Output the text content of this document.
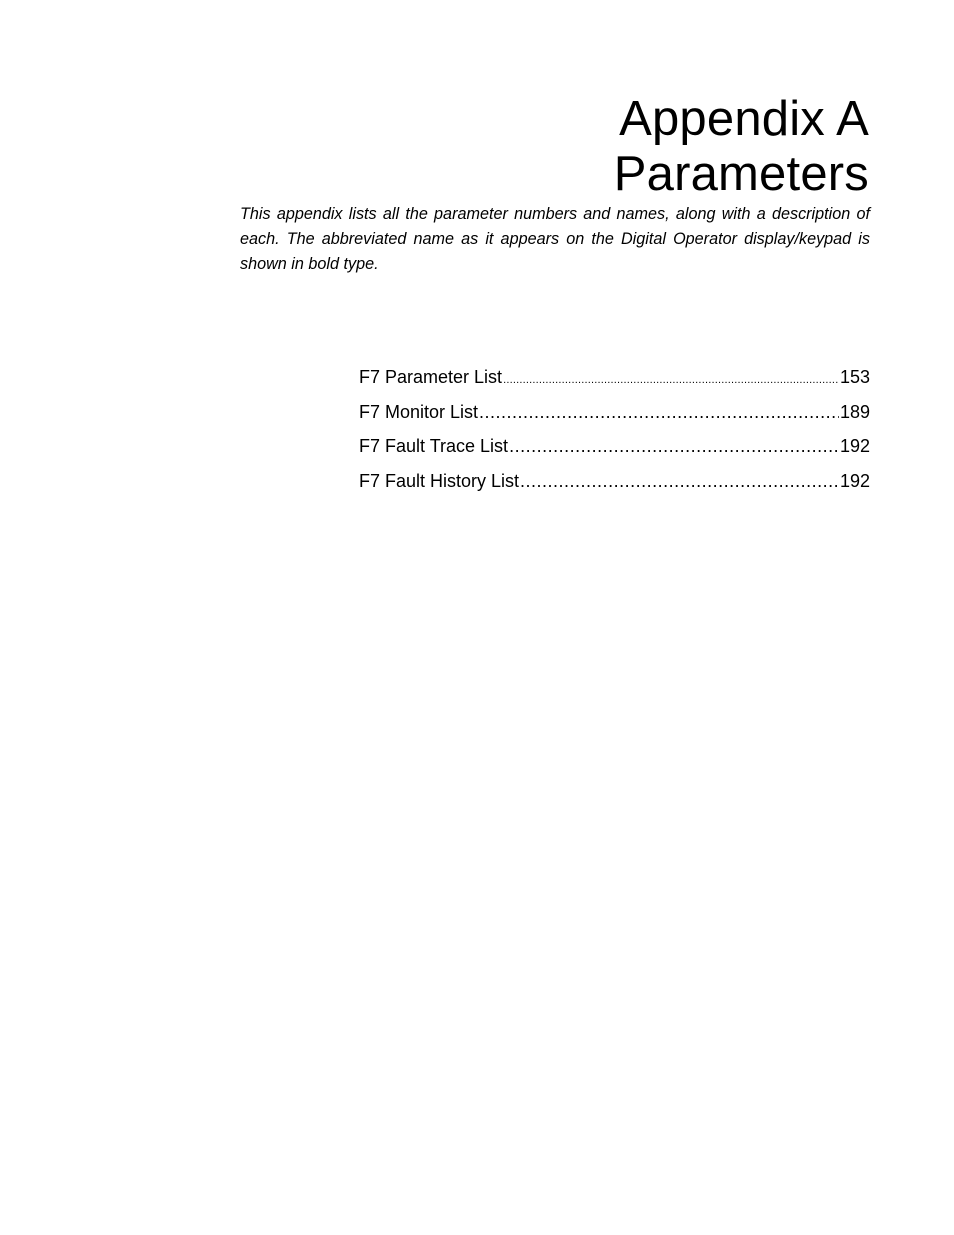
Appendix A
Parameters

This appendix lists all the parameter numbers and names, along with a description of each. The abbreviated name as it appears on the Digital Operator display/keypad is shown in bold type.

F7 Parameter List .....	153
F7 Monitor List .....	189
F7 Fault Trace List .....	192
F7 Fault History List .....	192
